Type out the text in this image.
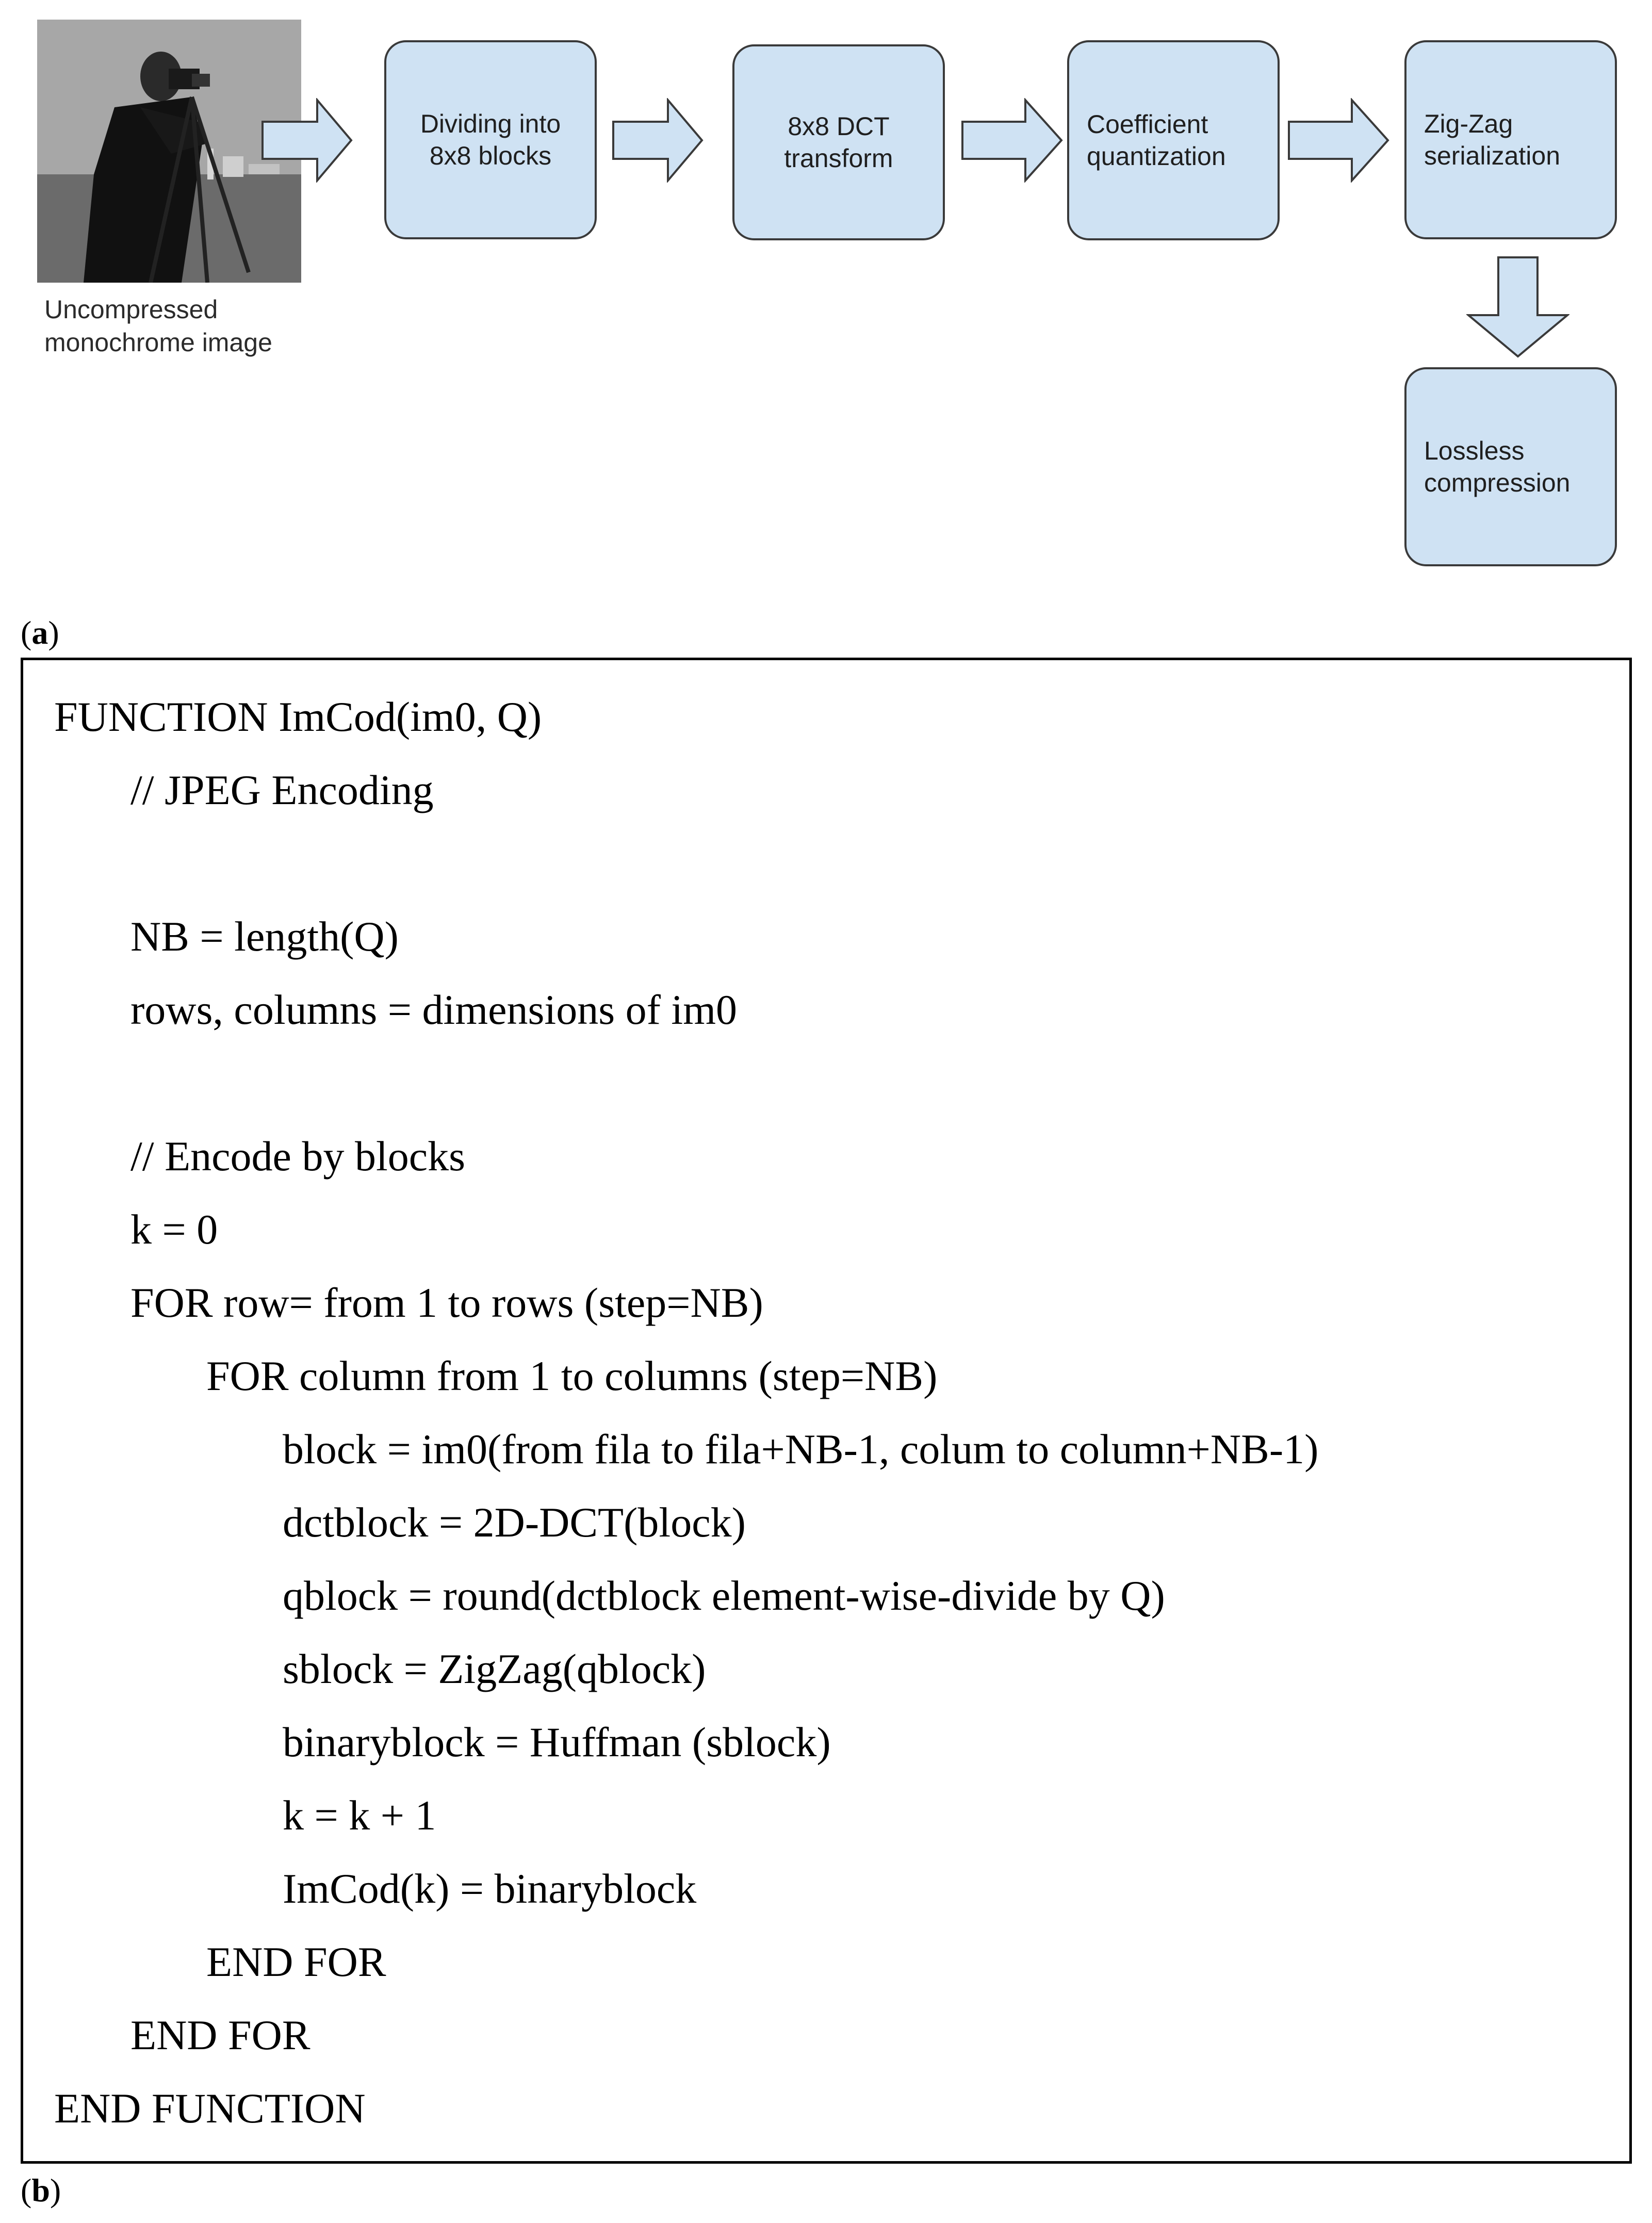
Uncompressed
monochrome image
Dividing into
8x8 blocks
8x8 DCT
transform
Coefficient
quantization
Zig-Zag
serialization
Lossless
compression
(a)
FUNCTION ImCod(im0, Q)
// JPEG Encoding
NB = length(Q)
rows, columns = dimensions of im0
// Encode by blocks
k = 0
FOR row= from 1 to rows (step=NB)
FOR column from 1 to columns (step=NB)
block = im0(from fila to fila+NB-1, colum to column+NB-1)
dctblock = 2D-DCT(block)
qblock = round(dctblock element-wise-divide by Q)
sblock = ZigZag(qblock)
binaryblock = Huffman (sblock)
k = k + 1
ImCod(k) = binaryblock
END FOR
END FOR
END FUNCTION
(b)
